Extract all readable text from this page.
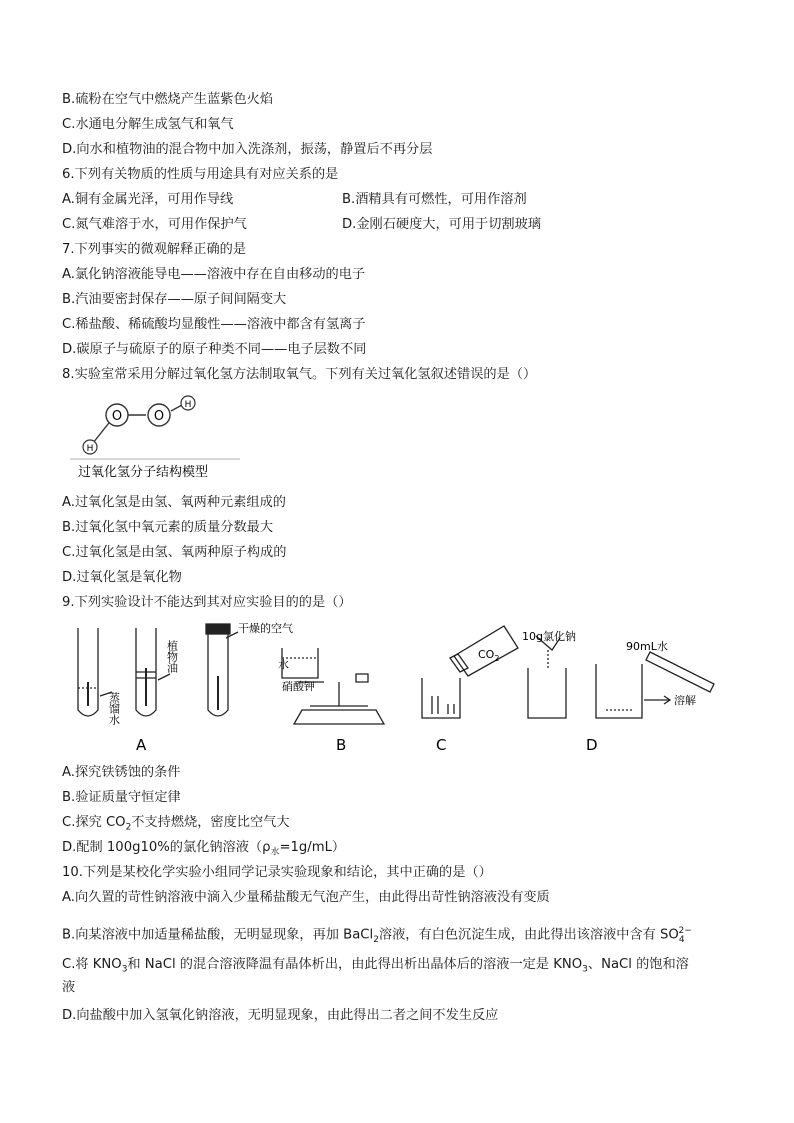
B.硫粉在空气中燃烧产生蓝紫色火焰
C.水通电分解生成氢气和氧气
D.向水和植物油的混合物中加入洗涤剂，振荡，静置后不再分层
6.下列有关物质的性质与用途具有对应关系的是
A.铜有金属光泽，可用作导线	B.酒精具有可燃性，可用作溶剂
C.氮气难溶于水，可用作保护气	D.金刚石硬度大，可用于切割玻璃
7.下列事实的微观解释正确的是
A.氯化钠溶液能导电——溶液中存在自由移动的电子
B.汽油要密封保存——原子间间隔变大
C.稀盐酸、稀硫酸均显酸性——溶液中都含有氢离子
D.碳原子与硫原子的原子种类不同——电子层数不同
8.实验室常采用分解过氧化氢方法制取氧气。下列有关过氧化氢叙述错误的是（）
O O
H
H
过氧化氢分子结构模型
A.过氧化氢是由氢、氧两种元素组成的
B.过氧化氢中氧元素的质量分数最大
C.过氧化氢是由氢、氧两种原子构成的
D.过氧化氢是氧化物
9.下列实验设计不能达到其对应实验目的的是（）
蒸馏水
植物油
干燥的空气
水
硝酸钾
$CO_2$
10g氯化钠
90mL水
溶解
A	B	C	D
A.探究铁锈蚀的条件
B.验证质量守恒定律
C.探究 $CO_2$不支持燃烧，密度比空气大
D.配制 100g10%的氯化钠溶液$(\rho_水=1g/mL)$
10.下列是某校化学实验小组同学记录实验现象和结论，其中正确的是（）
A.向久置的苛性钠溶液中滴入少量稀盐酸无气泡产生，由此得出苛性钠溶液没有变质
B.向某溶液中加适量稀盐酸，无明显现象，再加 BaCl$_2$溶液，有白色沉淀生成，由此得出该溶液中含有 $SO_4^{2-}$
C.将 $KNO_3$和 NaCl 的混合溶液降温有晶体析出，由此得出析出晶体后的溶液一定是 $KNO_3$、NaCl 的饱和溶
液
D.向盐酸中加入氢氧化钠溶液，无明显现象，由此得出二者之间不发生反应
